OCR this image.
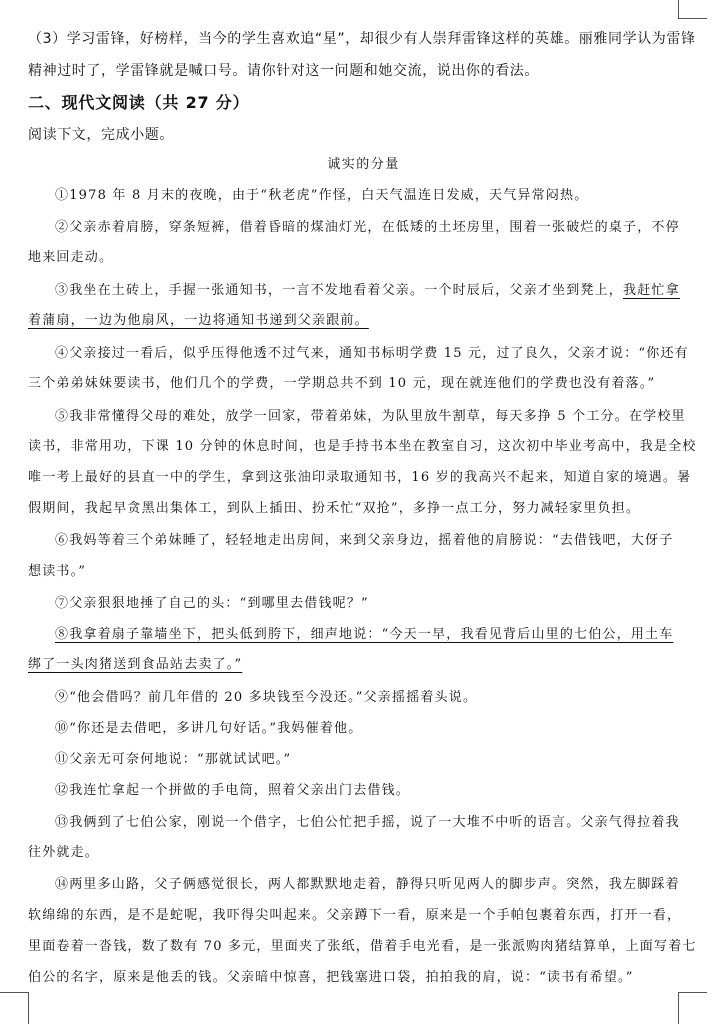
（3）学习雷锋，好榜样，当今的学生喜欢追“星”，却很少有人崇拜雷锋这样的英雄。丽雅同学认为雷锋
精神过时了，学雷锋就是喊口号。请你针对这一问题和她交流，说出你的看法。
二、现代文阅读（共 27 分）
阅读下文，完成小题。
诚实的分量
①1978 年 8 月末的夜晚，由于“秋老虎”作怪，白天气温连日发威，天气异常闷热。
②父亲赤着肩膀，穿条短裤，借着昏暗的煤油灯光，在低矮的土坯房里，围着一张破烂的桌子，不停
地来回走动。
③我坐在土砖上，手握一张通知书，一言不发地看着父亲。一个时辰后，父亲才坐到凳上，我赶忙拿
着蒲扇，一边为他扇风，一边将通知书递到父亲跟前。
④父亲接过一看后，似乎压得他透不过气来，通知书标明学费 15 元，过了良久，父亲才说：“你还有
三个弟弟妹妹要读书，他们几个的学费，一学期总共不到 10 元，现在就连他们的学费也没有着落。”
⑤我非常懂得父母的难处，放学一回家，带着弟妹，为队里放牛割草，每天多挣 5 个工分。在学校里
读书，非常用功，下课 10 分钟的休息时间，也是手持书本坐在教室自习，这次初中毕业考高中，我是全校
唯一考上最好的县直一中的学生，拿到这张油印录取通知书，16 岁的我高兴不起来，知道自家的境遇。暑
假期间，我起早贪黑出集体工，到队上插田、扮禾忙“双抢”，多挣一点工分，努力减轻家里负担。
⑥我妈等着三个弟妹睡了，轻轻地走出房间，来到父亲身边，摇着他的肩膀说：“去借钱吧，大伢子
想读书。”
⑦父亲狠狠地捶了自己的头：“到哪里去借钱呢？”
⑧我拿着扇子靠墙坐下，把头低到胯下，细声地说：“今天一早，我看见背后山里的七伯公，用土车
绑了一头肉猪送到食品站去卖了。”
⑨“他会借吗？前几年借的 20 多块钱至今没还。”父亲摇摇着头说。
⑩“你还是去借吧，多讲几句好话。”我妈催着他。
⑪父亲无可奈何地说：“那就试试吧。”
⑫我连忙拿起一个拼做的手电筒，照着父亲出门去借钱。
⑬我俩到了七伯公家，刚说一个借字，七伯公忙把手摇，说了一大堆不中听的语言。父亲气得拉着我
往外就走。
⑭两里多山路，父子俩感觉很长，两人都默默地走着，静得只听见两人的脚步声。突然，我左脚踩着
软绵绵的东西，是不是蛇呢，我吓得尖叫起来。父亲蹲下一看，原来是一个手帕包裹着东西，打开一看，
里面卷着一沓钱，数了数有 70 多元，里面夹了张纸，借着手电光看，是一张派购肉猪结算单，上面写着七
伯公的名字，原来是他丢的钱。父亲暗中惊喜，把钱塞进口袋，拍拍我的肩，说：“读书有希望。”
